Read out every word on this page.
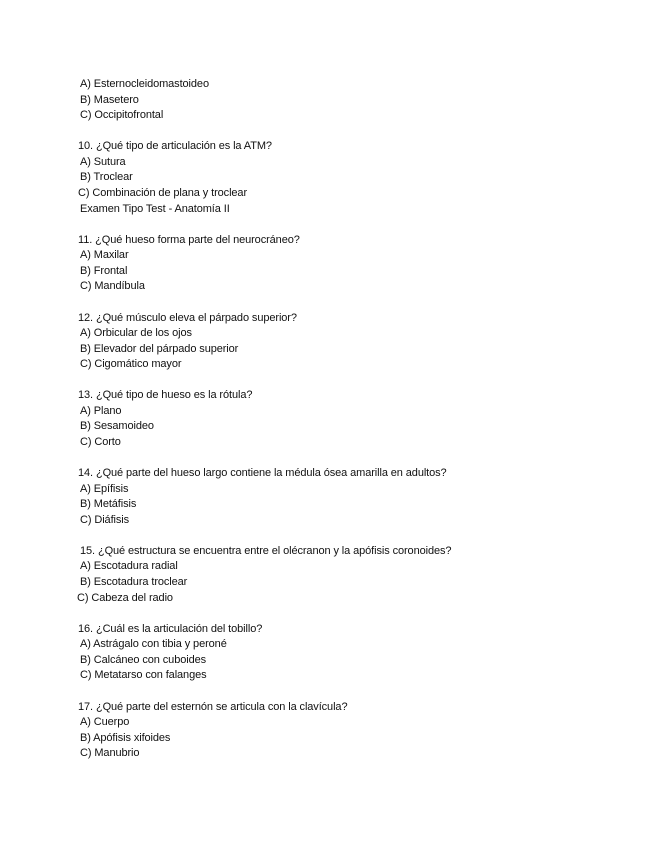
A) Esternocleidomastoideo
B) Masetero
C) Occipitofrontal
10. ¿Qué tipo de articulación es la ATM?
A) Sutura
B) Troclear
C) Combinación de plana y troclear
Examen Tipo Test - Anatomía II
11. ¿Qué hueso forma parte del neurocráneo?
A) Maxilar
B) Frontal
C) Mandíbula
12. ¿Qué músculo eleva el párpado superior?
A) Orbicular de los ojos
B) Elevador del párpado superior
C) Cigomático mayor
13. ¿Qué tipo de hueso es la rótula?
A) Plano
B) Sesamoideo
C) Corto
14. ¿Qué parte del hueso largo contiene la médula ósea amarilla en adultos?
A) Epífisis
B) Metáfisis
C) Diáfisis
15. ¿Qué estructura se encuentra entre el olécranon y la apófisis coronoides?
A) Escotadura radial
B) Escotadura troclear
C) Cabeza del radio
16. ¿Cuál es la articulación del tobillo?
A) Astrágalo con tibia y peroné
B) Calcáneo con cuboides
C) Metatarso con falanges
17. ¿Qué parte del esternón se articula con la clavícula?
A) Cuerpo
B) Apófisis xifoides
C) Manubrio
